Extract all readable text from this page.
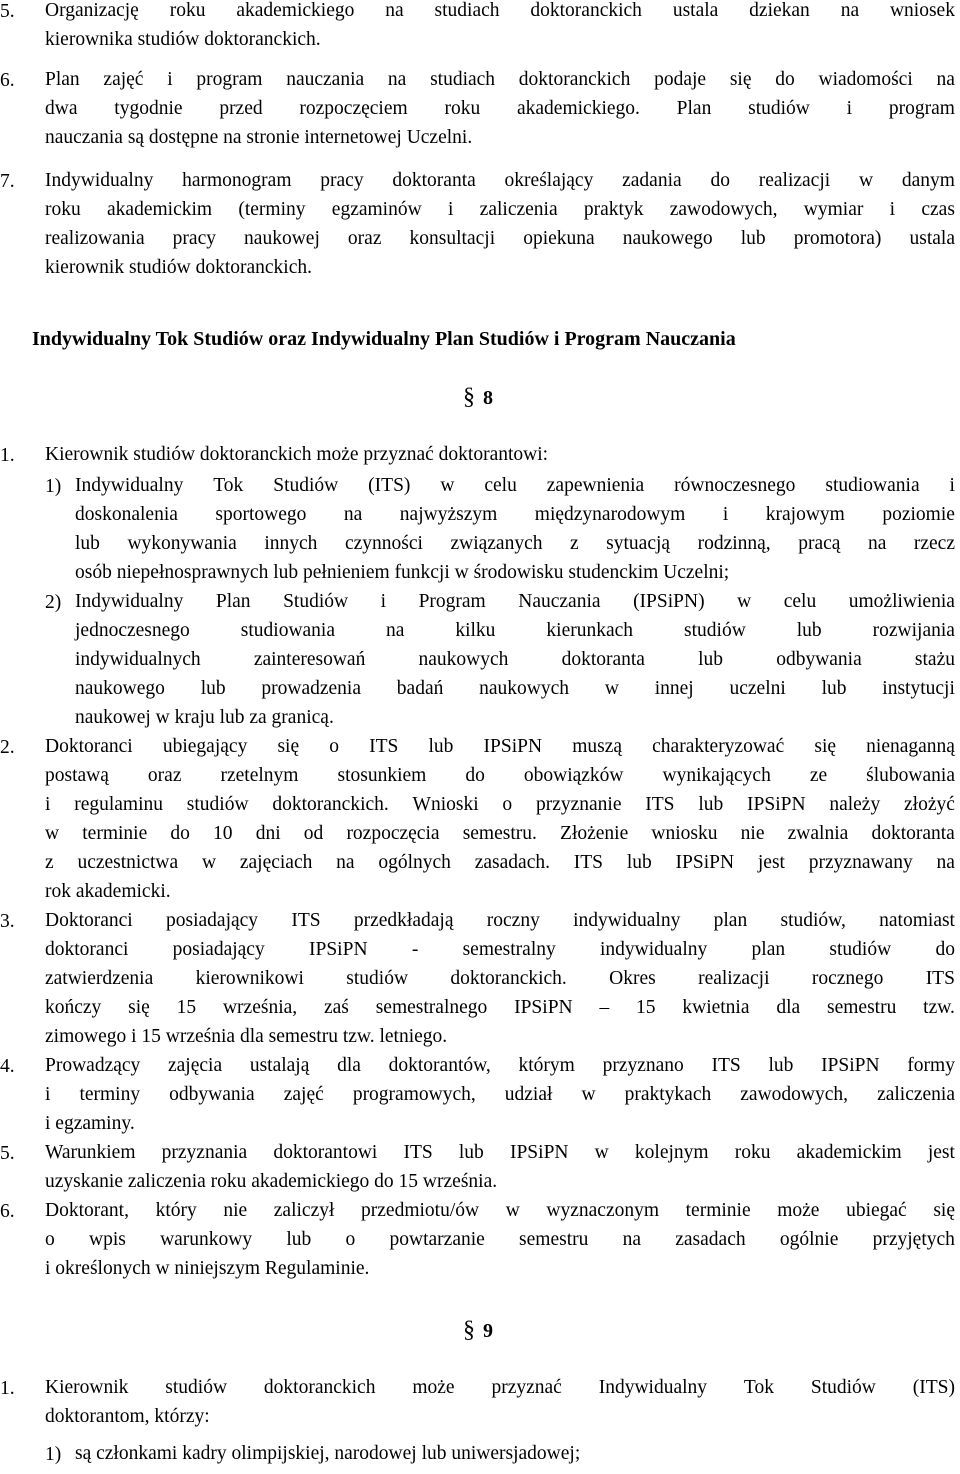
5. Organizację roku akademickiego na studiach doktoranckich ustala dziekan na wniosek
kierownika studiów doktoranckich.
6. Plan zajęć i program nauczania na studiach doktoranckich podaje się do wiadomości na
dwa tygodnie przed rozpoczęciem roku akademickiego. Plan studiów i program
nauczania są dostępne na stronie internetowej Uczelni.
7. Indywidualny harmonogram pracy doktoranta określający zadania do realizacji w danym
roku akademickim (terminy egzaminów i zaliczenia praktyk zawodowych, wymiar i czas
realizowania pracy naukowej oraz konsultacji opiekuna naukowego lub promotora) ustala
kierownik studiów doktoranckich.
Indywidualny Tok Studiów oraz Indywidualny Plan Studiów i Program Nauczania
§ 8
1. Kierownik studiów doktoranckich może przyznać doktorantowi:
1) Indywidualny Tok Studiów (ITS) w celu zapewnienia równoczesnego studiowania i
doskonalenia sportowego na najwyższym międzynarodowym i krajowym poziomie
lub wykonywania innych czynności związanych z sytuacją rodzinną, pracą na rzecz
osób niepełnosprawnych lub pełnieniem funkcji w środowisku studenckim Uczelni;
2) Indywidualny Plan Studiów i Program Nauczania (IPSiPN) w celu umożliwienia
jednoczesnego	studiowania	na	kilku	kierunkach	studiów	lub	rozwijania
indywidualnych	zainteresowań	naukowych	doktoranta	lub	odbywania	stażu
naukowego lub prowadzenia badań naukowych w innej uczelni lub instytucji
naukowej w kraju lub za granicą.
2. Doktoranci ubiegający się o ITS lub IPSiPN muszą charakteryzować się nienaganną
postawą oraz rzetelnym stosunkiem do obowiązków wynikających ze ślubowania
i regulaminu studiów doktoranckich. Wnioski o przyznanie ITS lub IPSiPN należy złożyć
w terminie do 10 dni od rozpoczęcia semestru. Złożenie wniosku nie zwalnia doktoranta
z uczestnictwa w zajęciach na ogólnych zasadach. ITS lub IPSiPN jest przyznawany na
rok akademicki.
3. Doktoranci posiadający ITS przedkładają roczny indywidualny plan studiów, natomiast
doktoranci posiadający IPSiPN - semestralny indywidualny plan studiów do
zatwierdzenia kierownikowi studiów doktoranckich. Okres realizacji rocznego ITS
kończy się 15 września, zaś semestralnego IPSiPN – 15 kwietnia dla semestru tzw.
zimowego i 15 września dla semestru tzw. letniego.
4. Prowadzący zajęcia ustalają dla doktorantów, którym przyznano ITS lub IPSiPN formy
i terminy odbywania zajęć programowych, udział w praktykach zawodowych, zaliczenia
i egzaminy.
5. Warunkiem przyznania doktorantowi ITS lub IPSiPN w kolejnym roku akademickim jest
uzyskanie zaliczenia roku akademickiego do 15 września.
6. Doktorant, który nie zaliczył przedmiotu/ów w wyznaczonym terminie może ubiegać się
o wpis warunkowy lub o powtarzanie semestru na zasadach ogólnie przyjętych
i określonych w niniejszym Regulaminie.
§ 9
1. Kierownik studiów doktoranckich może przyznać Indywidualny Tok Studiów (ITS)
doktorantom, którzy:
1) są członkami kadry olimpijskiej, narodowej lub uniwersjadowej;
